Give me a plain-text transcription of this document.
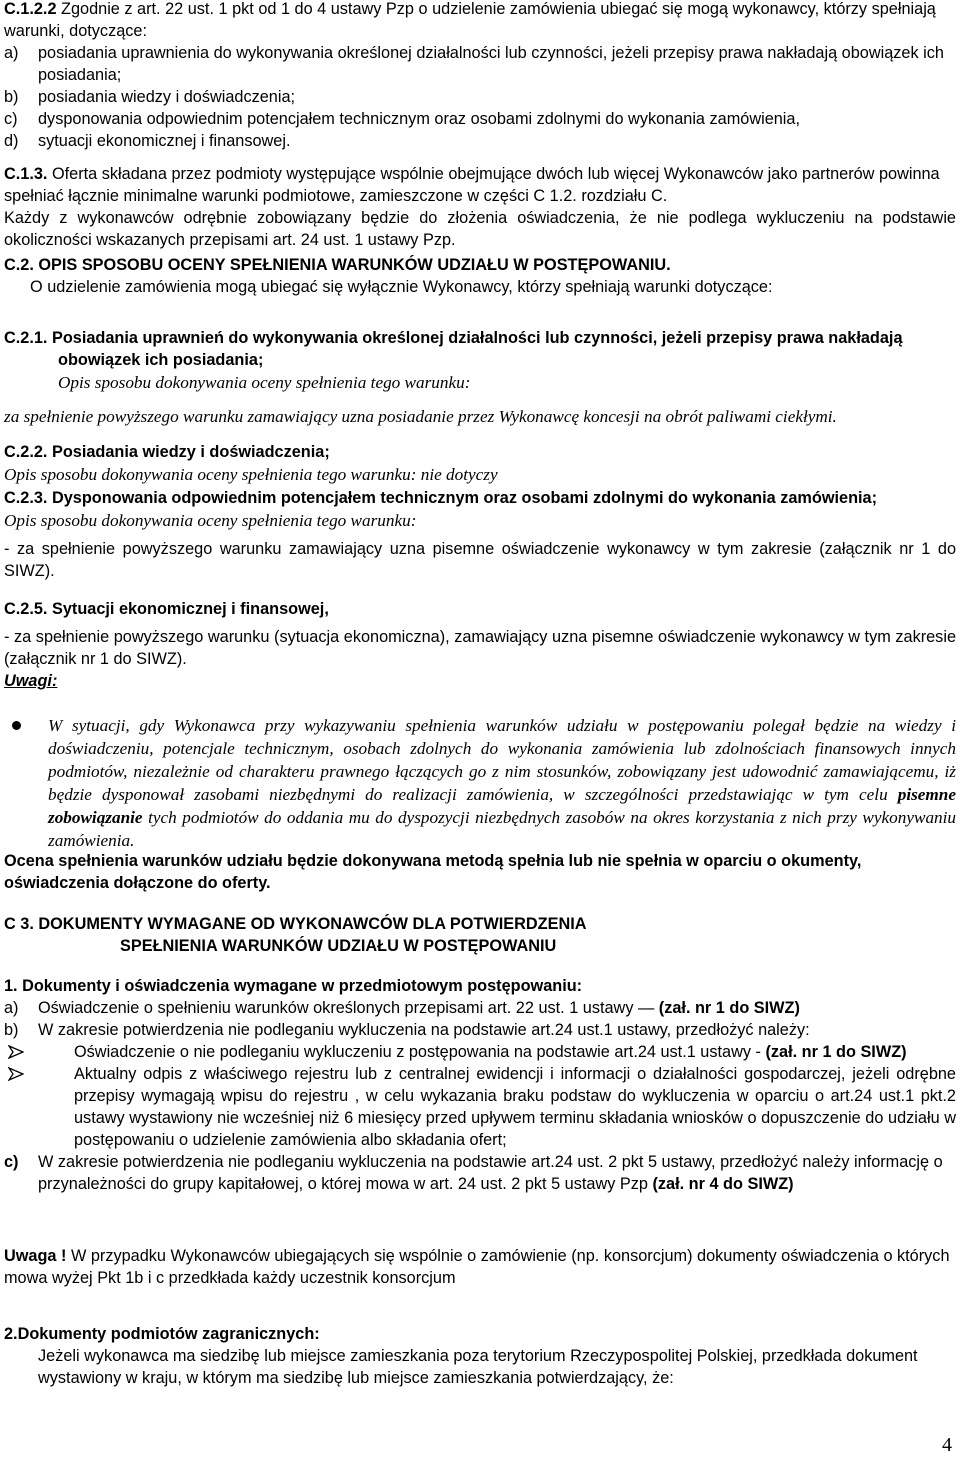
C.1.2.2 Zgodnie z art. 22 ust. 1 pkt od 1 do 4 ustawy Pzp o udzielenie zamówienia ubiegać się mogą wykonawcy, którzy spełniają warunki, dotyczące:

a)	posiadania uprawnienia do wykonywania określonej działalności lub czynności, jeżeli przepisy prawa nakładają obowiązek ich posiadania;
b)	posiadania wiedzy i doświadczenia;
c)	dysponowania odpowiednim potencjałem technicznym oraz osobami zdolnymi do wykonania zamówienia,
d)	sytuacji ekonomicznej i finansowej.

C.1.3. Oferta składana przez podmioty występujące wspólnie obejmujące dwóch lub więcej Wykonawców jako partnerów powinna spełniać łącznie minimalne warunki podmiotowe, zamieszczone w części C 1.2. rozdziału C.

Każdy z wykonawców odrębnie zobowiązany będzie do złożenia oświadczenia, że nie podlega wykluczeniu na podstawie okoliczności wskazanych przepisami art. 24 ust. 1 ustawy Pzp.

C.2. OPIS SPOSOBU OCENY SPEŁNIENIA WARUNKÓW UDZIAŁU W POSTĘPOWANIU.

O udzielenie zamówienia mogą ubiegać się wyłącznie Wykonawcy, którzy spełniają warunki dotyczące:

C.2.1. Posiadania uprawnień do wykonywania określonej działalności lub czynności, jeżeli przepisy prawa nakładają obowiązek ich posiadania;

Opis sposobu dokonywania oceny spełnienia tego warunku:

za spełnienie powyższego warunku zamawiający uzna posiadanie przez Wykonawcę koncesji na obrót paliwami ciekłymi.

C.2.2. Posiadania wiedzy i doświadczenia;

Opis sposobu dokonywania oceny spełnienia tego warunku: nie dotyczy

C.2.3. Dysponowania odpowiednim potencjałem technicznym oraz osobami zdolnymi do wykonania zamówienia;

Opis sposobu dokonywania oceny spełnienia tego warunku:

- za spełnienie powyższego warunku zamawiający uzna pisemne oświadczenie wykonawcy w tym zakresie (załącznik nr 1 do SIWZ).

C.2.5. Sytuacji ekonomicznej i finansowej,

- za spełnienie powyższego warunku (sytuacja ekonomiczna), zamawiający uzna pisemne oświadczenie wykonawcy w tym zakresie (załącznik nr 1 do SIWZ).

Uwagi:

W sytuacji, gdy Wykonawca przy wykazywaniu spełnienia warunków udziału w postępowaniu polegał będzie na wiedzy i doświadczeniu, potencjale technicznym, osobach zdolnych do wykonania zamówienia lub zdolnościach finansowych innych podmiotów, niezależnie od charakteru prawnego łączących go z nim stosunków, zobowiązany jest udowodnić zamawiającemu, iż będzie dysponował zasobami niezbędnymi do realizacji zamówienia, w szczególności przedstawiając w tym celu pisemne zobowiązanie tych podmiotów do oddania mu do dyspozycji niezbędnych zasobów na okres korzystania z nich przy wykonywaniu zamówienia.

Ocena spełnienia warunków udziału będzie dokonywana metodą spełnia lub nie spełnia w oparciu o okumenty, oświadczenia dołączone do oferty.

C 3. DOKUMENTY WYMAGANE OD WYKONAWCÓW DLA POTWIERDZENIA

SPEŁNIENIA WARUNKÓW UDZIAŁU W POSTĘPOWANIU

1. Dokumenty i oświadczenia wymagane w przedmiotowym postępowaniu:

a)	Oświadczenie o spełnieniu warunków określonych przepisami art. 22 ust. 1 ustawy — (zał. nr 1 do SIWZ)
b)	W zakresie potwierdzenia nie podleganiu wykluczenia na podstawie art.24 ust.1 ustawy, przedłożyć należy:
Oświadczenie o nie podleganiu wykluczeniu z postępowania na podstawie art.24 ust.1 ustawy - (zał. nr 1 do SIWZ)
Aktualny odpis z właściwego rejestru lub z centralnej ewidencji i informacji o działalności gospodarczej, jeżeli odrębne przepisy wymagają wpisu do rejestru , w celu wykazania braku podstaw do wykluczenia w oparciu o art.24 ust.1 pkt.2 ustawy wystawiony nie wcześniej niż 6 miesięcy przed upływem terminu składania wniosków o dopuszczenie do udziału w postępowaniu o udzielenie zamówienia albo składania ofert;
c)	W zakresie potwierdzenia nie podleganiu wykluczenia na podstawie art.24 ust. 2 pkt 5 ustawy, przedłożyć należy informację o przynależności do grupy kapitałowej, o której mowa w art. 24 ust. 2 pkt 5 ustawy Pzp (zał. nr 4 do SIWZ)

Uwaga ! W przypadku Wykonawców ubiegających się wspólnie o zamówienie (np. konsorcjum) dokumenty oświadczenia o których mowa wyżej Pkt 1b i c przedkłada każdy uczestnik konsorcjum

2.Dokumenty podmiotów zagranicznych:

Jeżeli wykonawca ma siedzibę lub miejsce zamieszkania poza terytorium Rzeczypospolitej Polskiej, przedkłada dokument wystawiony w kraju, w którym ma siedzibę lub miejsce zamieszkania potwierdzający, że:

4
